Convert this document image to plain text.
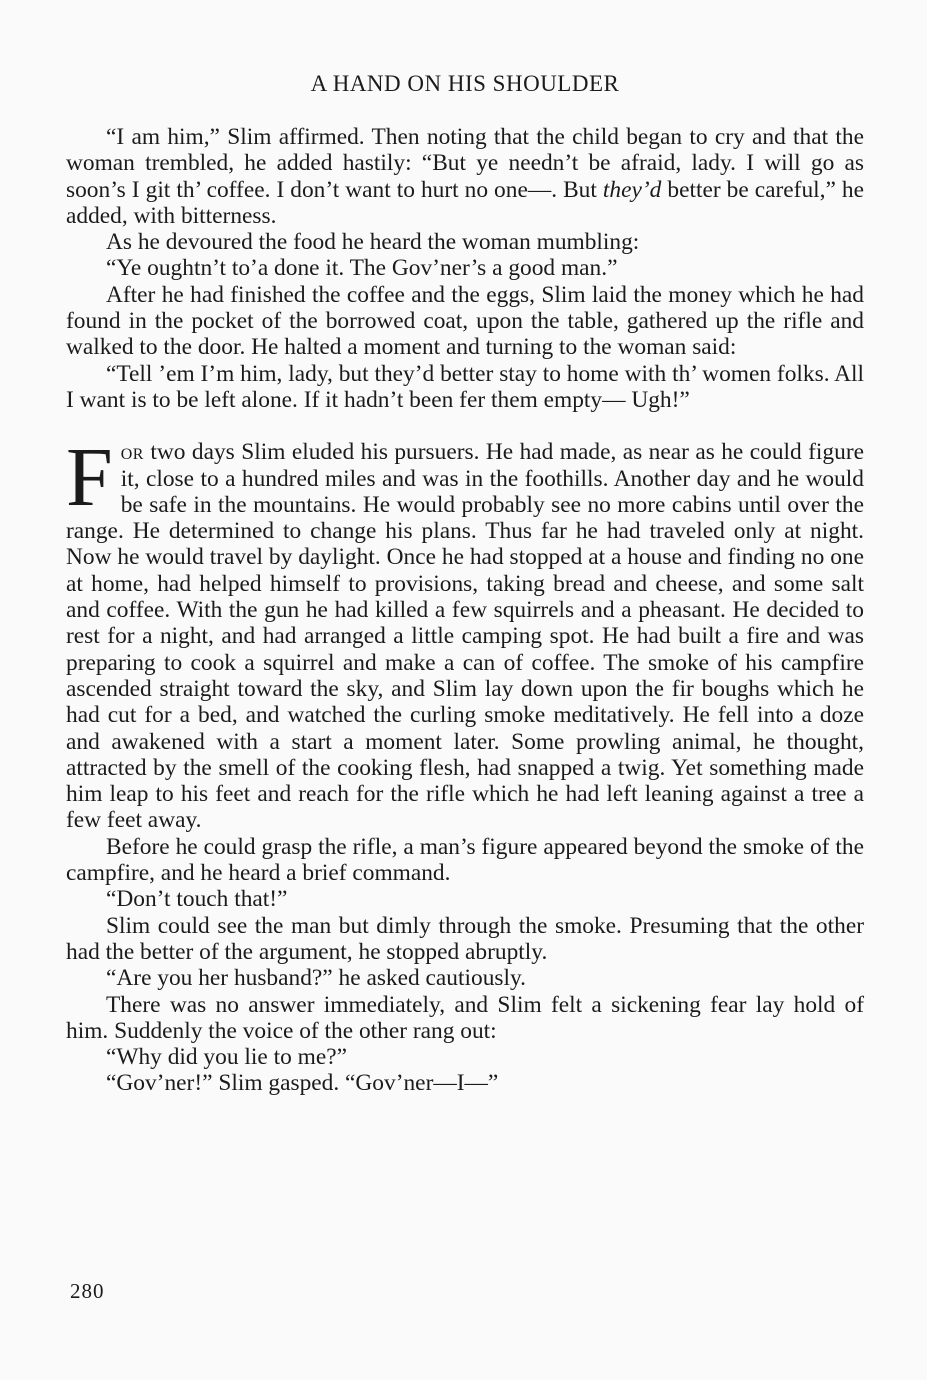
A HAND ON HIS SHOULDER

“I am him,” Slim affirmed. Then noting that the child began to cry and that the woman trembled, he added hastily: “But ye needn’t be afraid, lady. I will go as soon’s I git th’ coffee. I don’t want to hurt no one—. But they’d better be careful,” he added, with bitterness.

As he devoured the food he heard the woman mumbling:

“Ye oughtn’t to’a done it. The Gov’ner’s a good man.”

After he had finished the coffee and the eggs, Slim laid the money which he had found in the pocket of the borrowed coat, upon the table, gathered up the rifle and walked to the door. He halted a moment and turning to the woman said:

“Tell ’em I’m him, lady, but they’d better stay to home with th’ women folks. All I want is to be left alone. If it hadn’t been fer them empty— Ugh!”

For two days Slim eluded his pursuers. He had made, as near as he could figure it, close to a hundred miles and was in the foothills. Another day and he would be safe in the mountains. He would probably see no more cabins until over the range. He determined to change his plans. Thus far he had traveled only at night. Now he would travel by daylight. Once he had stopped at a house and finding no one at home, had helped himself to provisions, taking bread and cheese, and some salt and coffee. With the gun he had killed a few squirrels and a pheasant. He decided to rest for a night, and had arranged a little camping spot. He had built a fire and was preparing to cook a squirrel and make a can of coffee. The smoke of his campfire ascended straight toward the sky, and Slim lay down upon the fir boughs which he had cut for a bed, and watched the curling smoke meditatively. He fell into a doze and awakened with a start a moment later. Some prowling animal, he thought, attracted by the smell of the cooking flesh, had snapped a twig. Yet something made him leap to his feet and reach for the rifle which he had left leaning against a tree a few feet away.

Before he could grasp the rifle, a man’s figure appeared beyond the smoke of the campfire, and he heard a brief command.

“Don’t touch that!”

Slim could see the man but dimly through the smoke. Presuming that the other had the better of the argument, he stopped abruptly.

“Are you her husband?” he asked cautiously.

There was no answer immediately, and Slim felt a sickening fear lay hold of him. Suddenly the voice of the other rang out:

“Why did you lie to me?”

“Gov’ner!” Slim gasped. “Gov’ner—I—”

280
